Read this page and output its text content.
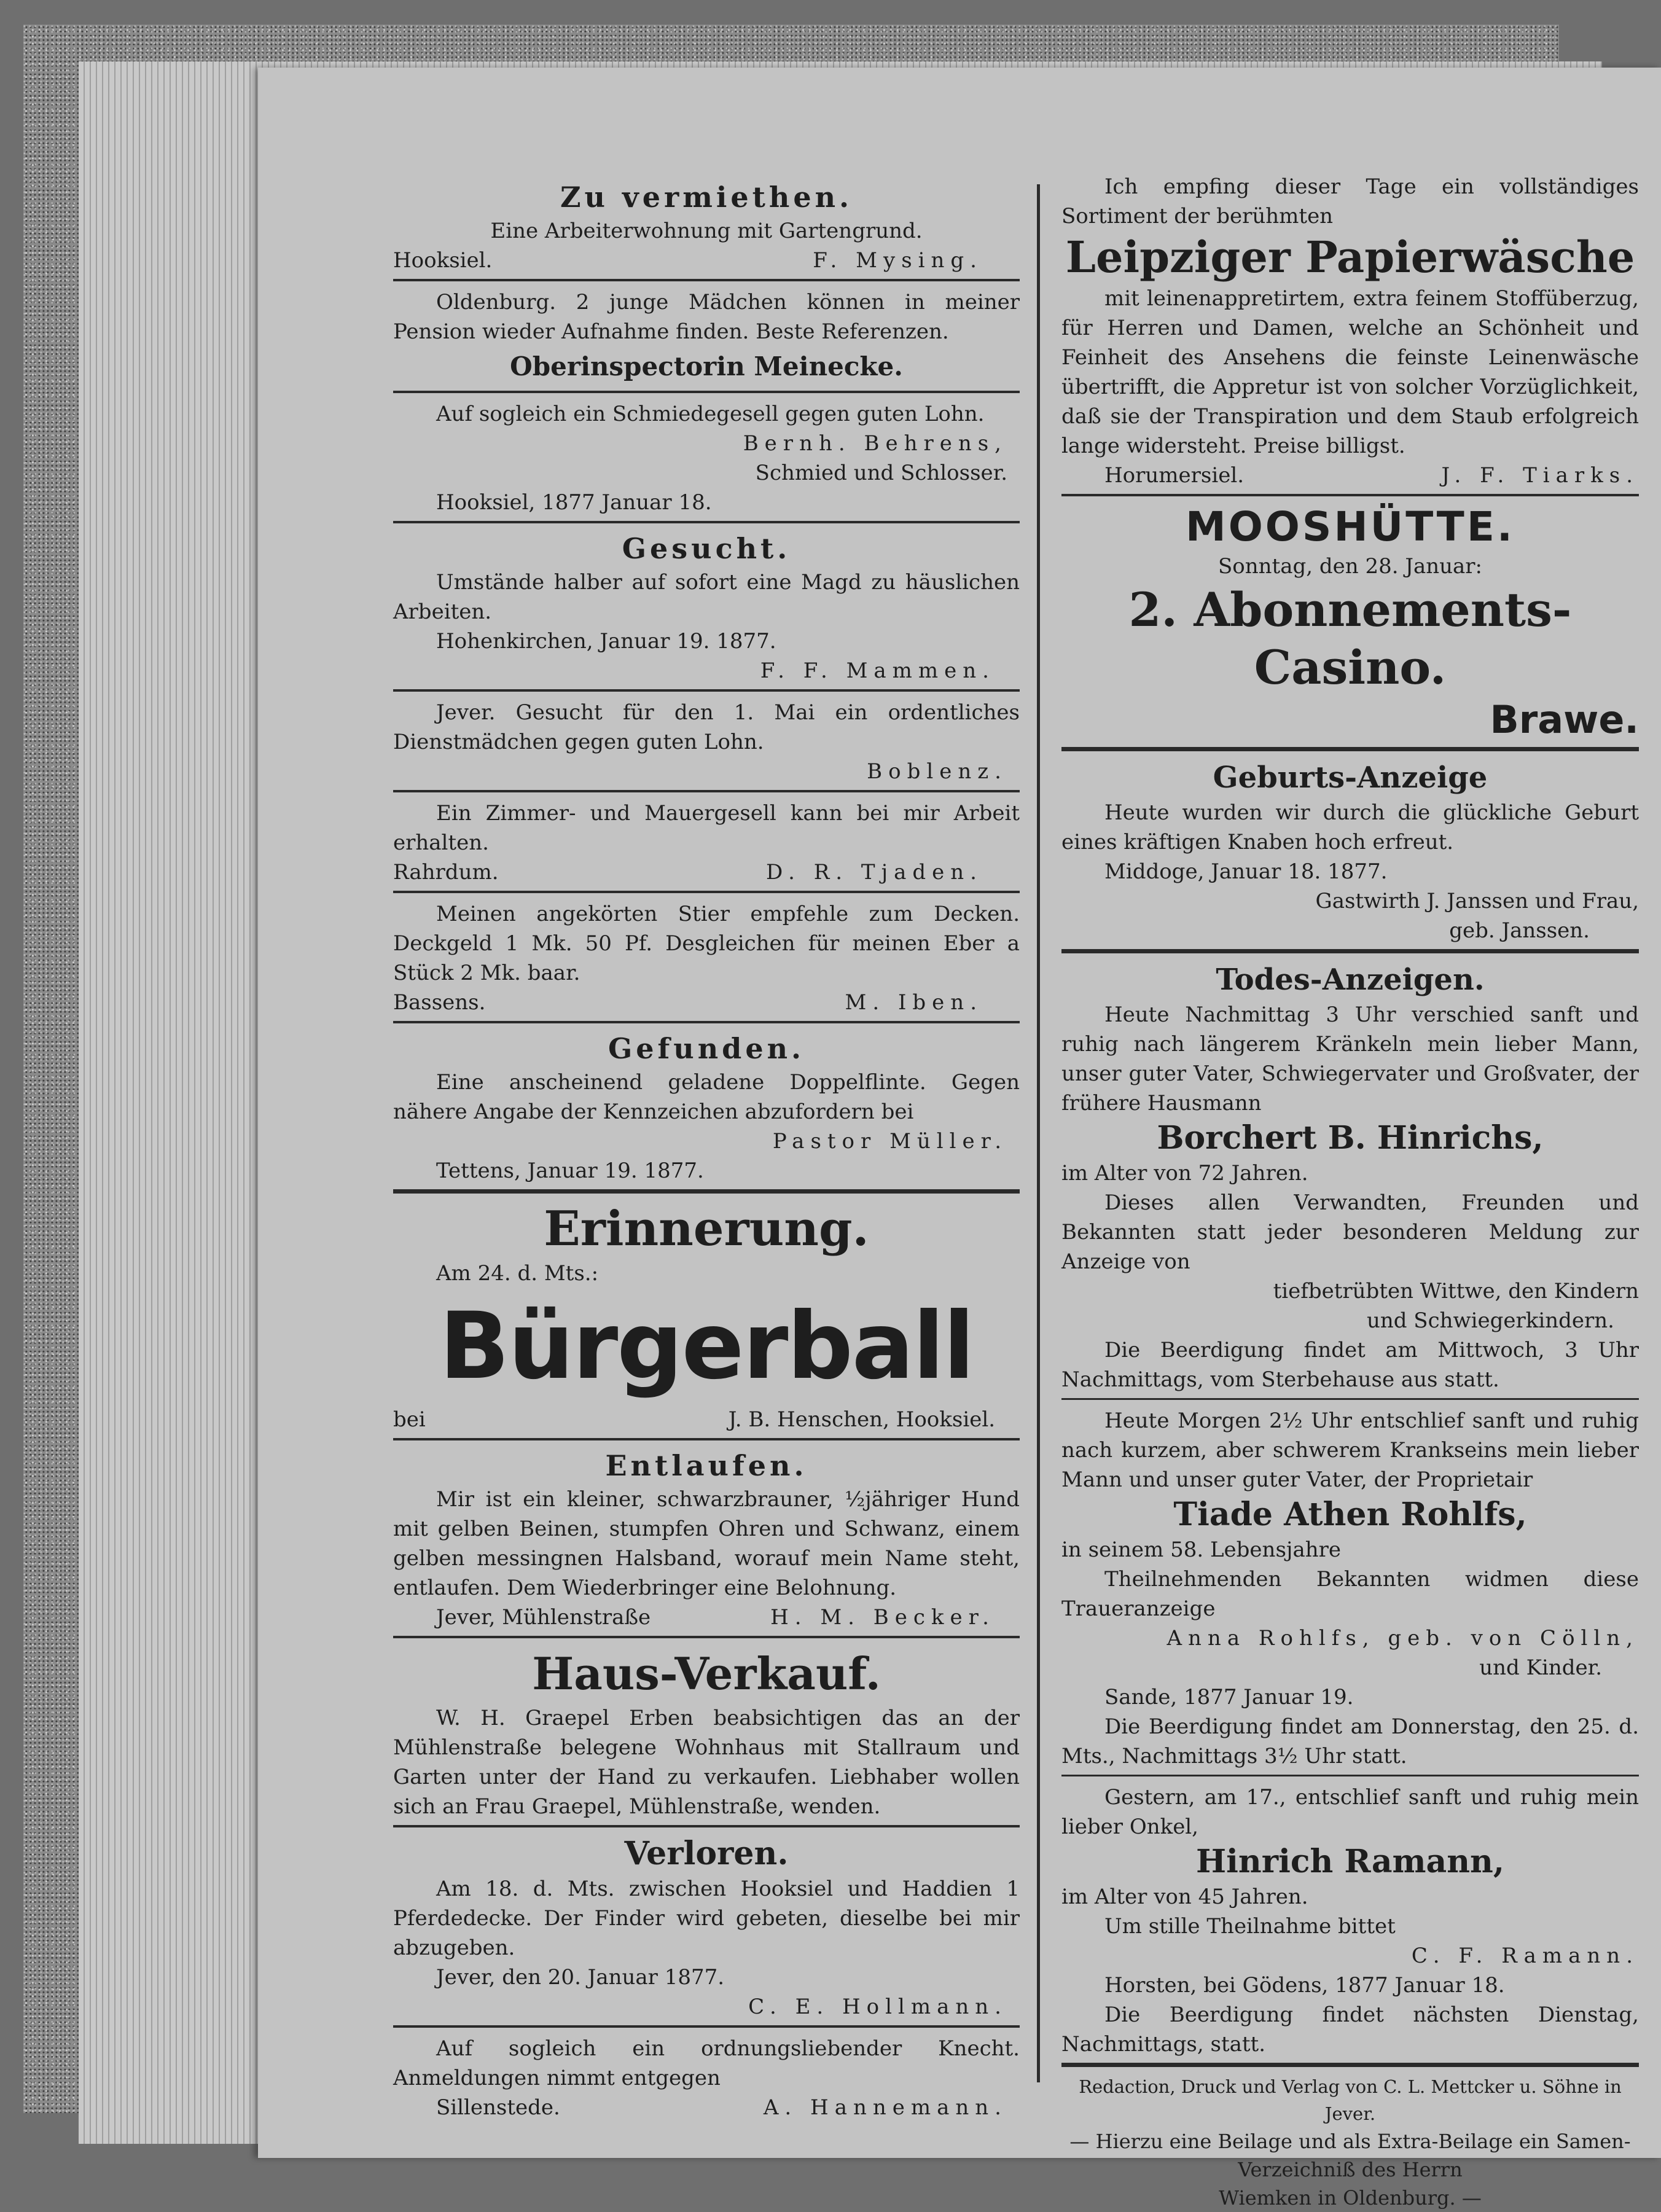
Zu vermiethen.
Eine Arbeiterwohnung mit Gartengrund.
Hooksiel.	F. Mysing.
Oldenburg. 2 junge Mädchen können in meiner Pension wieder Aufnahme finden. Beste Referenzen.
Oberinspectorin Meinecke.
Auf sogleich ein Schmiedegesell gegen guten Lohn.
Bernh. Behrens,
Schmied und Schlosser.
Hooksiel, 1877 Januar 18.
Gesucht.
Umstände halber auf sofort eine Magd zu häuslichen Arbeiten.
Hohenkirchen, Januar 19. 1877.
F. F. Mammen.
Jever. Gesucht für den 1. Mai ein ordentliches Dienstmädchen gegen guten Lohn.
Boblenz.
Ein Zimmer- und Mauergesell kann bei mir Arbeit erhalten.
Rahrdum.	D. R. Tjaden.
Meinen angekörten Stier empfehle zum Decken. Deckgeld 1 Mk. 50 Pf. Desgleichen für meinen Eber a Stück 2 Mk. baar.
Bassens.	M. Iben.
Gefunden.
Eine anscheinend geladene Doppelflinte. Gegen nähere Angabe der Kennzeichen abzufordern bei
Pastor Müller.
Tettens, Januar 19. 1877.
Erinnerung.
Am 24. d. Mts.:
Bürgerball
bei	J. B. Henschen, Hooksiel.
Entlaufen.
Mir ist ein kleiner, schwarzbrauner, ½jähriger Hund mit gelben Beinen, stumpfen Ohren und Schwanz, einem gelben messingnen Halsband, worauf mein Name steht, entlaufen. Dem Wiederbringer eine Belohnung.
Jever, Mühlenstraße	H. M. Becker.
Haus-Verkauf.
W. H. Graepel Erben beabsichtigen das an der Mühlenstraße belegene Wohnhaus mit Stallraum und Garten unter der Hand zu verkaufen. Liebhaber wollen sich an Frau Graepel, Mühlenstraße, wenden.
Verloren.
Am 18. d. Mts. zwischen Hooksiel und Haddien 1 Pferdedecke. Der Finder wird gebeten, dieselbe bei mir abzugeben.
Jever, den 20. Januar 1877.
C. E. Hollmann.
Auf sogleich ein ordnungsliebender Knecht. Anmeldungen nimmt entgegen
Sillenstede.	A. Hannemann.
Ich empfing dieser Tage ein vollständiges Sortiment der berühmten
Leipziger Papierwäsche
mit leinenappretirtem, extra feinem Stoffüberzug, für Herren und Damen, welche an Schönheit und Feinheit des Ansehens die feinste Leinenwäsche übertrifft, die Appretur ist von solcher Vorzüglichkeit, daß sie der Transpiration und dem Staub erfolgreich lange widersteht. Preise billigst.
Horumersiel.	J. F. Tiarks.
MOOSHÜTTE.
Sonntag, den 28. Januar:
2. Abonnements-Casino.
Brawe.
Geburts-Anzeige
Heute wurden wir durch die glückliche Geburt eines kräftigen Knaben hoch erfreut.
Middoge, Januar 18. 1877.
Gastwirth J. Janssen und Frau,
geb. Janssen.
Todes-Anzeigen.
Heute Nachmittag 3 Uhr verschied sanft und ruhig nach längerem Kränkeln mein lieber Mann, unser guter Vater, Schwiegervater und Großvater, der frühere Hausmann
Borchert B. Hinrichs,
im Alter von 72 Jahren.
Dieses allen Verwandten, Freunden und Bekannten statt jeder besonderen Meldung zur Anzeige von
tiefbetrübten Wittwe, den Kindern
und Schwiegerkindern.
Die Beerdigung findet am Mittwoch, 3 Uhr Nachmittags, vom Sterbehause aus statt.
Heute Morgen 2½ Uhr entschlief sanft und ruhig nach kurzem, aber schwerem Krankseins mein lieber Mann und unser guter Vater, der Proprietair
Tiade Athen Rohlfs,
in seinem 58. Lebensjahre
Theilnehmenden Bekannten widmen diese Traueranzeige
Anna Rohlfs, geb. von Cölln,
und Kinder.
Sande, 1877 Januar 19.
Die Beerdigung findet am Donnerstag, den 25. d. Mts., Nachmittags 3½ Uhr statt.
Gestern, am 17., entschlief sanft und ruhig mein lieber Onkel,
Hinrich Ramann,
im Alter von 45 Jahren.
Um stille Theilnahme bittet
C. F. Ramann.
Horsten, bei Gödens, 1877 Januar 18.
Die Beerdigung findet nächsten Dienstag, Nachmittags, statt.
Redaction, Druck und Verlag von C. L. Mettcker u. Söhne in Jever.
— Hierzu eine Beilage und als Extra-Beilage ein Samen-Verzeichniß des Herrn
Wiemken in Oldenburg. —
